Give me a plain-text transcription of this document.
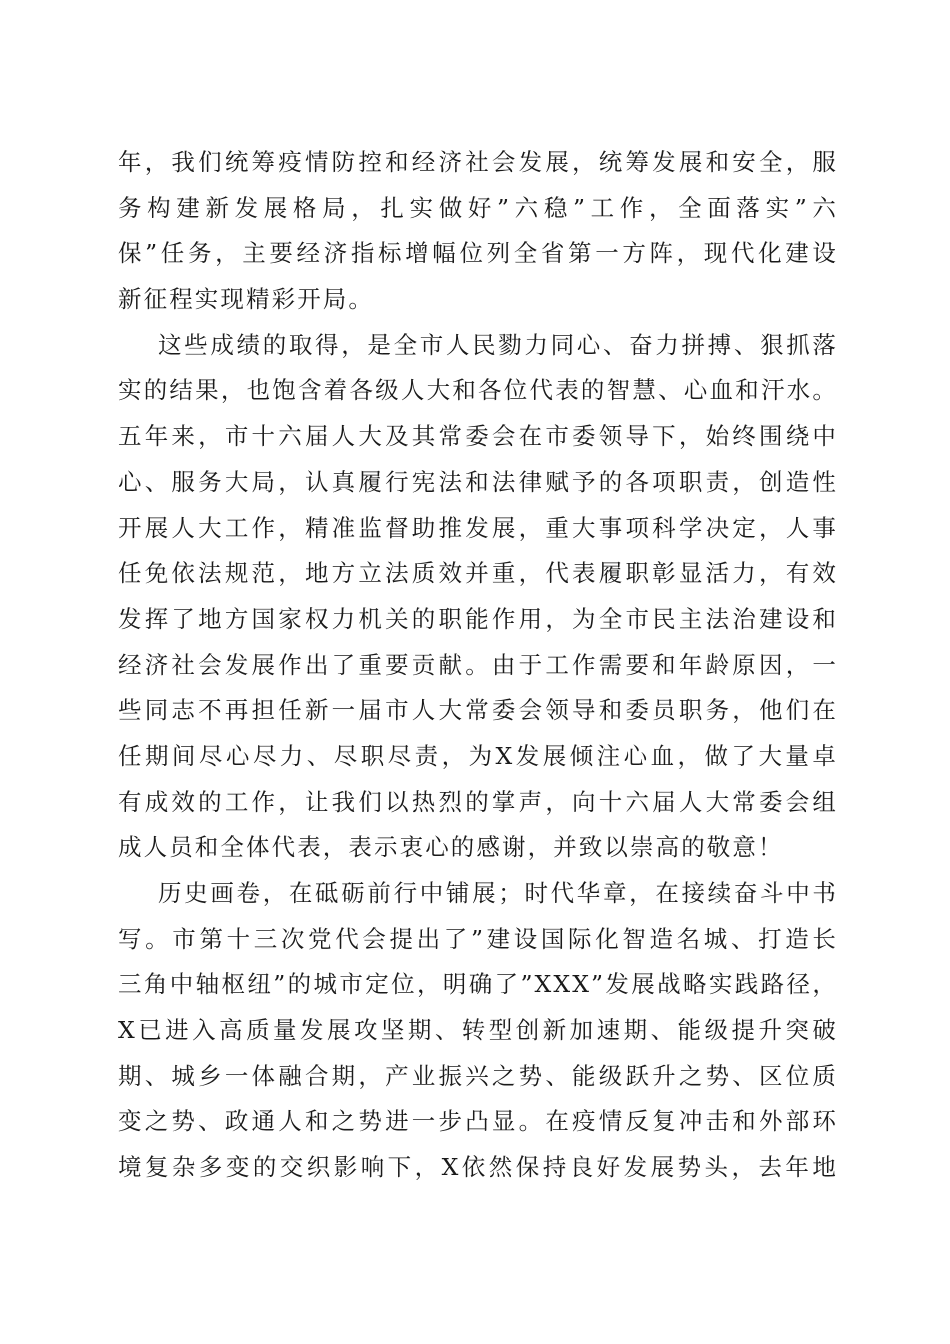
年，我们统筹疫情防控和经济社会发展，统筹发展和安全，服
务构建新发展格局，扎实做好”六稳”工作，全面落实”六
保”任务，主要经济指标增幅位列全省第一方阵，现代化建设
新征程实现精彩开局。
这些成绩的取得，是全市人民勠力同心、奋力拼搏、狠抓落
实的结果，也饱含着各级人大和各位代表的智慧、心血和汗水。
五年来，市十六届人大及其常委会在市委领导下，始终围绕中
心、服务大局，认真履行宪法和法律赋予的各项职责，创造性
开展人大工作，精准监督助推发展，重大事项科学决定，人事
任免依法规范，地方立法质效并重，代表履职彰显活力，有效
发挥了地方国家权力机关的职能作用，为全市民主法治建设和
经济社会发展作出了重要贡献。由于工作需要和年龄原因，一
些同志不再担任新一届市人大常委会领导和委员职务，他们在
任期间尽心尽力、尽职尽责，为X发展倾注心血，做了大量卓
有成效的工作，让我们以热烈的掌声，向十六届人大常委会组
成人员和全体代表，表示衷心的感谢，并致以崇高的敬意！
历史画卷，在砥砺前行中铺展；时代华章，在接续奋斗中书
写。市第十三次党代会提出了”建设国际化智造名城、打造长
三角中轴枢纽”的城市定位，明确了”XXX”发展战略实践路径，
X已进入高质量发展攻坚期、转型创新加速期、能级提升突破
期、城乡一体融合期，产业振兴之势、能级跃升之势、区位质
变之势、政通人和之势进一步凸显。在疫情反复冲击和外部环
境复杂多变的交织影响下，X依然保持良好发展势头，去年地
